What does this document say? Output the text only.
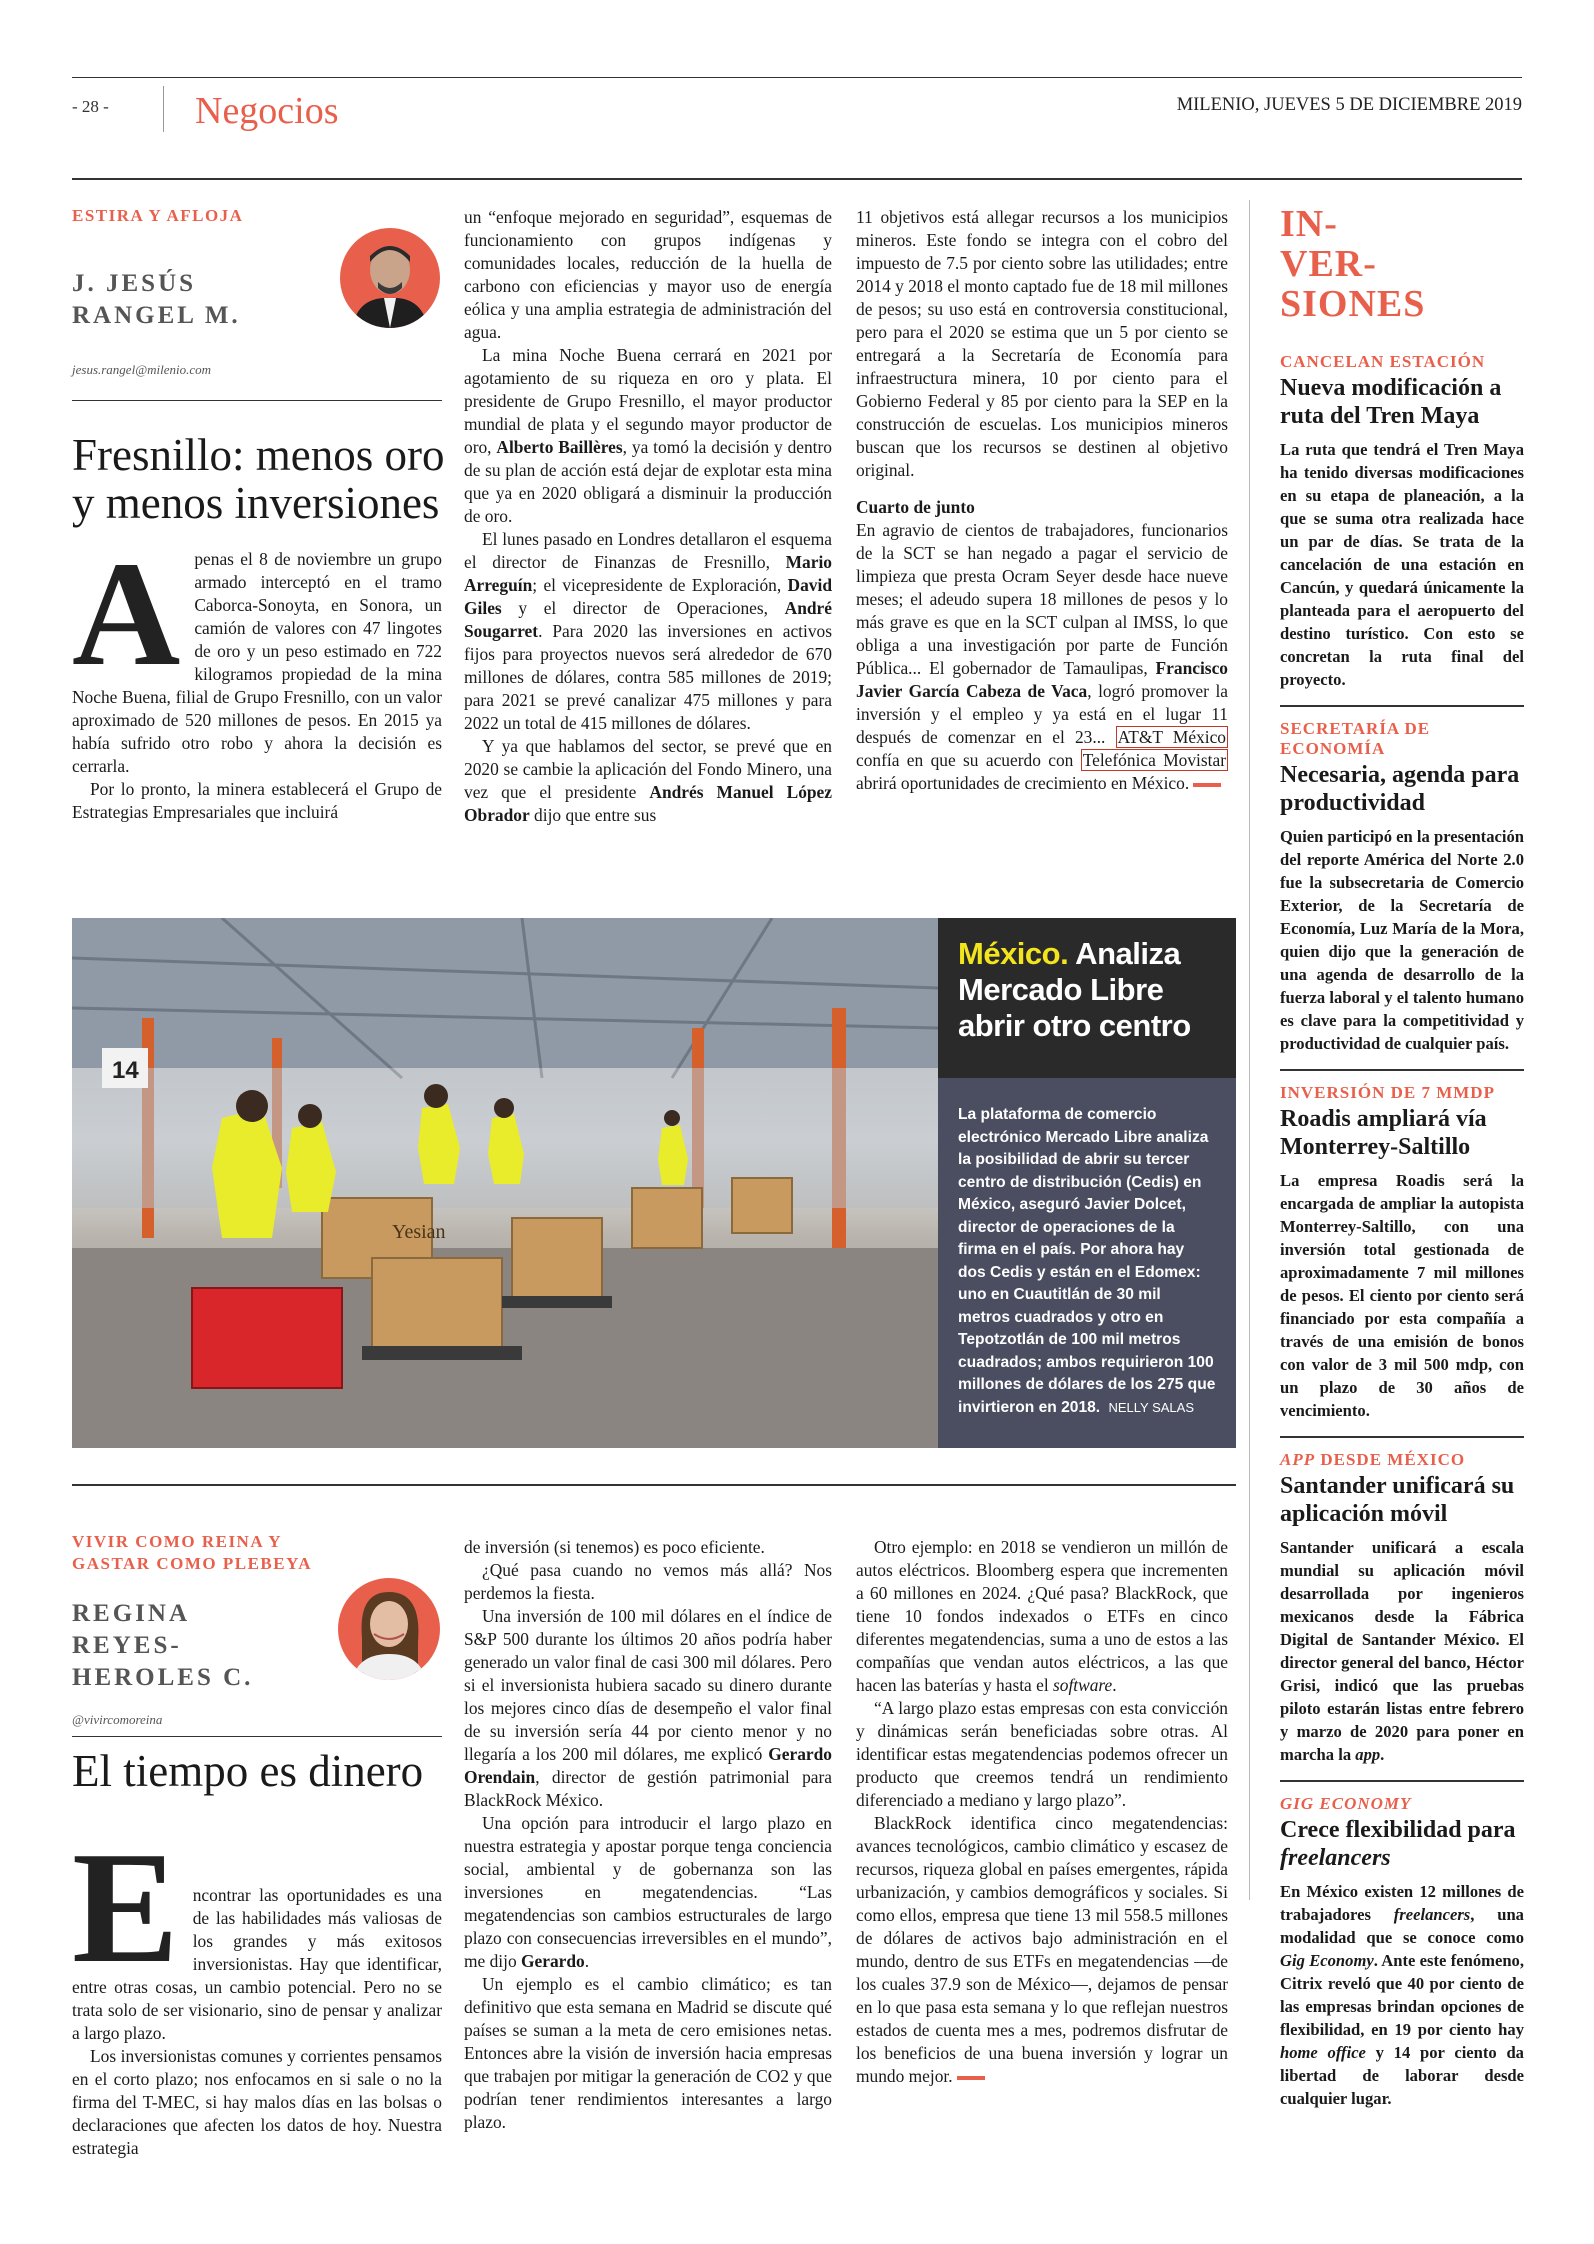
- 28 - Negocios	MILENIO, JUEVES 5 DE DICIEMBRE 2019
ESTIRA Y AFLOJA
J. JESÚS
RANGEL M.
jesus.rangel@milenio.com
Fresnillo: menos oro
y menos inversiones

Apenas el 8 de noviembre un grupo armado interceptó en el tramo Caborca-Sonoyta, en Sonora, un camión de valores con 47 lingotes de oro y un peso estimado en 722 kilogramos propiedad de la mina Noche Buena, filial de Grupo Fresnillo, con un valor aproximado de 520 millones de pesos. En 2015 ya había sufrido otro robo y ahora la decisión es cerrarla.

Por lo pronto, la minera establecerá el Grupo de Estrategias Empresariales que incluirá

un “enfoque mejorado en seguridad”, esquemas de funcionamiento con grupos indígenas y comunidades locales, reducción de la huella de carbono con eficiencias y mayor uso de energía eólica y una amplia estrategia de administración del agua.

La mina Noche Buena cerrará en 2021 por agotamiento de su riqueza en oro y plata. El presidente de Grupo Fresnillo, el mayor productor mundial de plata y el segundo mayor productor de oro, Alberto Baillères, ya tomó la decisión y dentro de su plan de acción está dejar de explotar esta mina que ya en 2020 obligará a disminuir la producción de oro.

El lunes pasado en Londres detallaron el esquema el director de Finanzas de Fresnillo, Mario Arreguín; el vicepresidente de Exploración, David Giles y el director de Operaciones, André Sougarret. Para 2020 las inversiones en activos fijos para proyectos nuevos será alrededor de 670 millones de dólares, contra 585 millones de 2019; para 2021 se prevé canalizar 475 millones y para 2022 un total de 415 millones de dólares.

Y ya que hablamos del sector, se prevé que en 2020 se cambie la aplicación del Fondo Minero, una vez que el presidente Andrés Manuel López Obrador dijo que entre sus

11 objetivos está allegar recursos a los municipios mineros. Este fondo se integra con el cobro del impuesto de 7.5 por ciento sobre las utilidades; entre 2014 y 2018 el monto captado fue de 18 mil millones de pesos; su uso está en controversia constitucional, pero para el 2020 se estima que un 5 por ciento se entregará a la Secretaría de Economía para infraestructura minera, 10 por ciento para el Gobierno Federal y 85 por ciento para la SEP en la construcción de escuelas. Los municipios mineros buscan que los recursos se destinen al objetivo original.

Cuarto de junto

En agravio de cientos de trabajadores, funcionarios de la SCT se han negado a pagar el servicio de limpieza que presta Ocram Seyer desde hace nueve meses; el adeudo supera 18 millones de pesos y lo más grave es que en la SCT culpan al IMSS, lo que obliga a una investigación por parte de Función Pública... El gobernador de Tamaulipas, Francisco Javier García Cabeza de Vaca, logró promover la inversión y el empleo y ya está en el lugar 11 después de comenzar en el 23... AT&T México confía en que su acuerdo con Telefónica Movistar abrirá oportunidades de crecimiento en México.

14
Yesian
México. Analiza Mercado Libre abrir otro centro

La plataforma de comercio electrónico Mercado Libre analiza la posibilidad de abrir su tercer centro de distribución (Cedis) en México, aseguró Javier Dolcet, director de operaciones de la firma en el país. Por ahora hay dos Cedis y están en el Edomex: uno en Cuautitlán de 30 mil metros cuadrados y otro en Tepotzotlán de 100 mil metros cuadrados; ambos requirieron 100 millones de dólares de los 275 que invirtieron en 2018. NELLY SALAS

IN-
VER-
SIONES

CANCELAN ESTACIÓN

Nueva modificación a ruta del Tren Maya

La ruta que tendrá el Tren Maya ha tenido diversas modificaciones en su etapa de planeación, a la que se suma otra realizada hace un par de días. Se trata de la cancelación de una estación en Cancún, y quedará únicamente la planteada para el aeropuerto del destino turístico. Con esto se concretan la ruta final del proyecto.

SECRETARÍA DE ECONOMÍA

Necesaria, agenda para productividad

Quien participó en la presentación del reporte América del Norte 2.0 fue la subsecretaria de Comercio Exterior, de la Secretaría de Economía, Luz María de la Mora, quien dijo que la generación de una agenda de desarrollo de la fuerza laboral y el talento humano es clave para la competitividad y productividad de cualquier país.

INVERSIÓN DE 7 MMDP

Roadis ampliará vía Monterrey-Saltillo

La empresa Roadis será la encargada de ampliar la autopista Monterrey-Saltillo, con una inversión total gestionada de aproximadamente 7 mil millones de pesos. El ciento por ciento será financiado por esta compañía a través de una emisión de bonos con valor de 3 mil 500 mdp, con un plazo de 30 años de vencimiento.

APP DESDE MÉXICO

Santander unificará su aplicación móvil

Santander unificará a escala mundial su aplicación móvil desarrollada por ingenieros mexicanos desde la Fábrica Digital de Santander México. El director general del banco, Héctor Grisi, indicó que las pruebas piloto estarán listas entre febrero y marzo de 2020 para poner en marcha la app.

GIG ECONOMY

Crece flexibilidad para freelancers

En México existen 12 millones de trabajadores freelancers, una modalidad que se conoce como Gig Economy. Ante este fenómeno, Citrix reveló que 40 por ciento de las empresas brindan opciones de flexibilidad, en 19 por ciento hay home office y 14 por ciento da libertad de laborar desde cualquier lugar.

VIVIR COMO REINA Y
GASTAR COMO PLEBEYA
REGINA
REYES-
HEROLES C.
@vivircomoreina
El tiempo es dinero

Encontrar las oportunidades es una de las habilidades más valiosas de los grandes y más exitosos inversionistas. Hay que identificar, entre otras cosas, un cambio potencial. Pero no se trata solo de ser visionario, sino de pensar y analizar a largo plazo.

Los inversionistas comunes y corrientes pensamos en el corto plazo; nos enfocamos en si sale o no la firma del T-MEC, si hay malos días en las bolsas o declaraciones que afecten los datos de hoy. Nuestra estrategia

de inversión (si tenemos) es poco eficiente.

¿Qué pasa cuando no vemos más allá? Nos perdemos la fiesta.

Una inversión de 100 mil dólares en el índice de S&P 500 durante los últimos 20 años podría haber generado un valor final de casi 300 mil dólares. Pero si el inversionista hubiera sacado su dinero durante los mejores cinco días de desempeño el valor final de su inversión sería 44 por ciento menor y no llegaría a los 200 mil dólares, me explicó Gerardo Orendain, director de gestión patrimonial para BlackRock México.

Una opción para introducir el largo plazo en nuestra estrategia y apostar porque tenga conciencia social, ambiental y de gobernanza son las inversiones en megatendencias. “Las megatendencias son cambios estructurales de largo plazo con consecuencias irreversibles en el mundo”, me dijo Gerardo.

Un ejemplo es el cambio climático; es tan definitivo que esta semana en Madrid se discute qué países se suman a la meta de cero emisiones netas. Entonces abre la visión de inversión hacia empresas que trabajen por mitigar la generación de CO2 y que podrían tener rendimientos interesantes a largo plazo.

Otro ejemplo: en 2018 se vendieron un millón de autos eléctricos. Bloomberg espera que incrementen a 60 millones en 2024. ¿Qué pasa? BlackRock, que tiene 10 fondos indexados o ETFs en cinco diferentes megatendencias, suma a uno de estos a las compañías que vendan autos eléctricos, a las que hacen las baterías y hasta el software.

“A largo plazo estas empresas con esta convicción y dinámicas serán beneficiadas sobre otras. Al identificar estas megatendencias podemos ofrecer un producto que creemos tendrá un rendimiento diferenciado a mediano y largo plazo”.

BlackRock identifica cinco megatendencias: avances tecnológicos, cambio climático y escasez de recursos, riqueza global en países emergentes, rápida urbanización, y cambios demográficos y sociales. Si como ellos, empresa que tiene 13 mil 558.5 millones de dólares de activos bajo administración en el mundo, dentro de sus ETFs en megatendencias —de los cuales 37.9 son de México—, dejamos de pensar en lo que pasa esta semana y lo que reflejan nuestros estados de cuenta mes a mes, podremos disfrutar de los beneficios de una buena inversión y lograr un mundo mejor.
